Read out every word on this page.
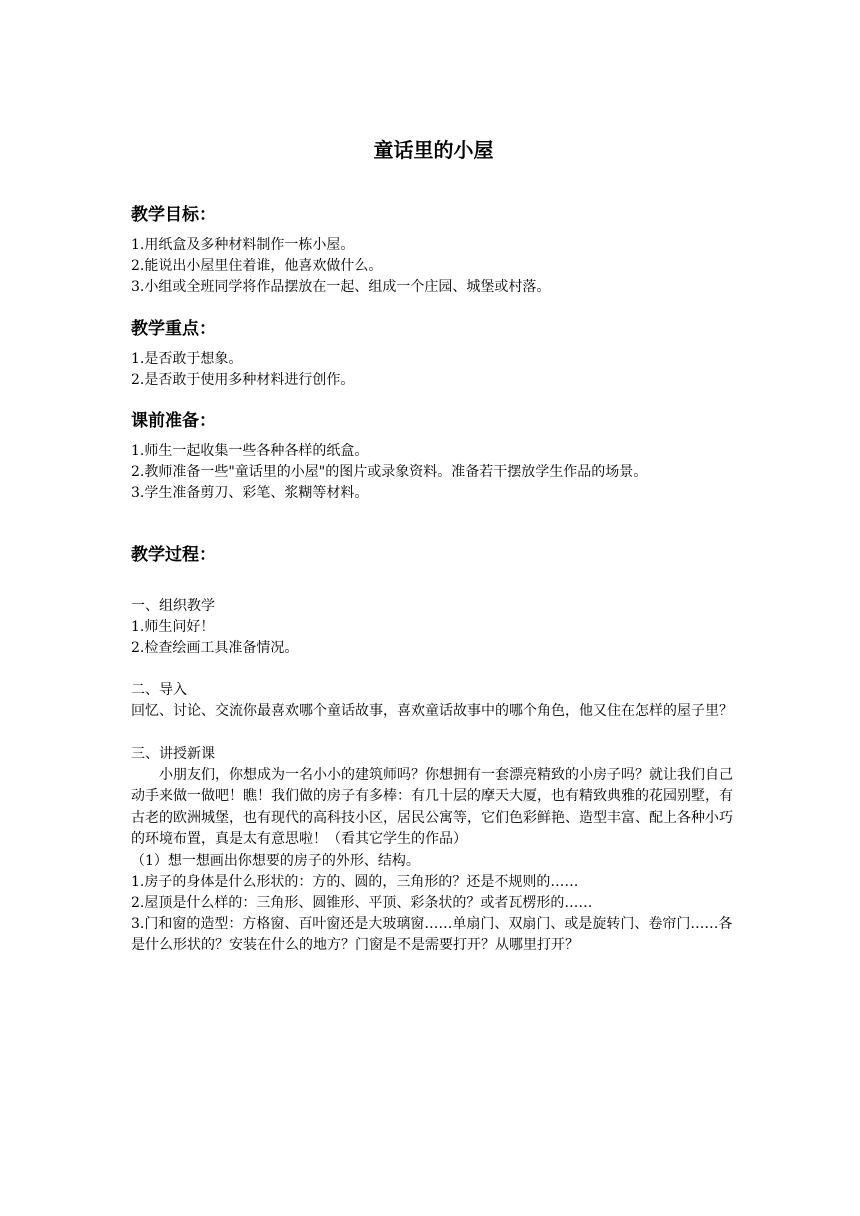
童话里的小屋

教学目标：

1.用纸盒及多种材料制作一栋小屋。

2.能说出小屋里住着谁，他喜欢做什么。

3.小组或全班同学将作品摆放在一起、组成一个庄园、城堡或村落。

教学重点：

1.是否敢于想象。

2.是否敢于使用多种材料进行创作。

课前准备：

1.师生一起收集一些各种各样的纸盒。

2.教师准备一些"童话里的小屋"的图片或录象资料。准备若干摆放学生作品的场景。

3.学生准备剪刀、彩笔、浆糊等材料。

教学过程：

一、组织教学

1.师生问好！

2.检查绘画工具准备情况。

二、导入

回忆、讨论、交流你最喜欢哪个童话故事，喜欢童话故事中的哪个角色，他又住在怎样的屋子里？

三、讲授新课

小朋友们，你想成为一名小小的建筑师吗？你想拥有一套漂亮精致的小房子吗？就让我们自己动手来做一做吧！瞧！我们做的房子有多棒：有几十层的摩天大厦，也有精致典雅的花园别墅，有古老的欧洲城堡，也有现代的高科技小区，居民公寓等，它们色彩鲜艳、造型丰富、配上各种小巧的环境布置，真是太有意思啦！（看其它学生的作品）

（1）想一想画出你想要的房子的外形、结构。

1.房子的身体是什么形状的：方的、圆的，三角形的？还是不规则的……

2.屋顶是什么样的：三角形、圆锥形、平顶、彩条状的？或者瓦楞形的……

3.门和窗的造型：方格窗、百叶窗还是大玻璃窗……单扇门、双扇门、或是旋转门、卷帘门……各是什么形状的？安装在什么的地方？门窗是不是需要打开？从哪里打开？
